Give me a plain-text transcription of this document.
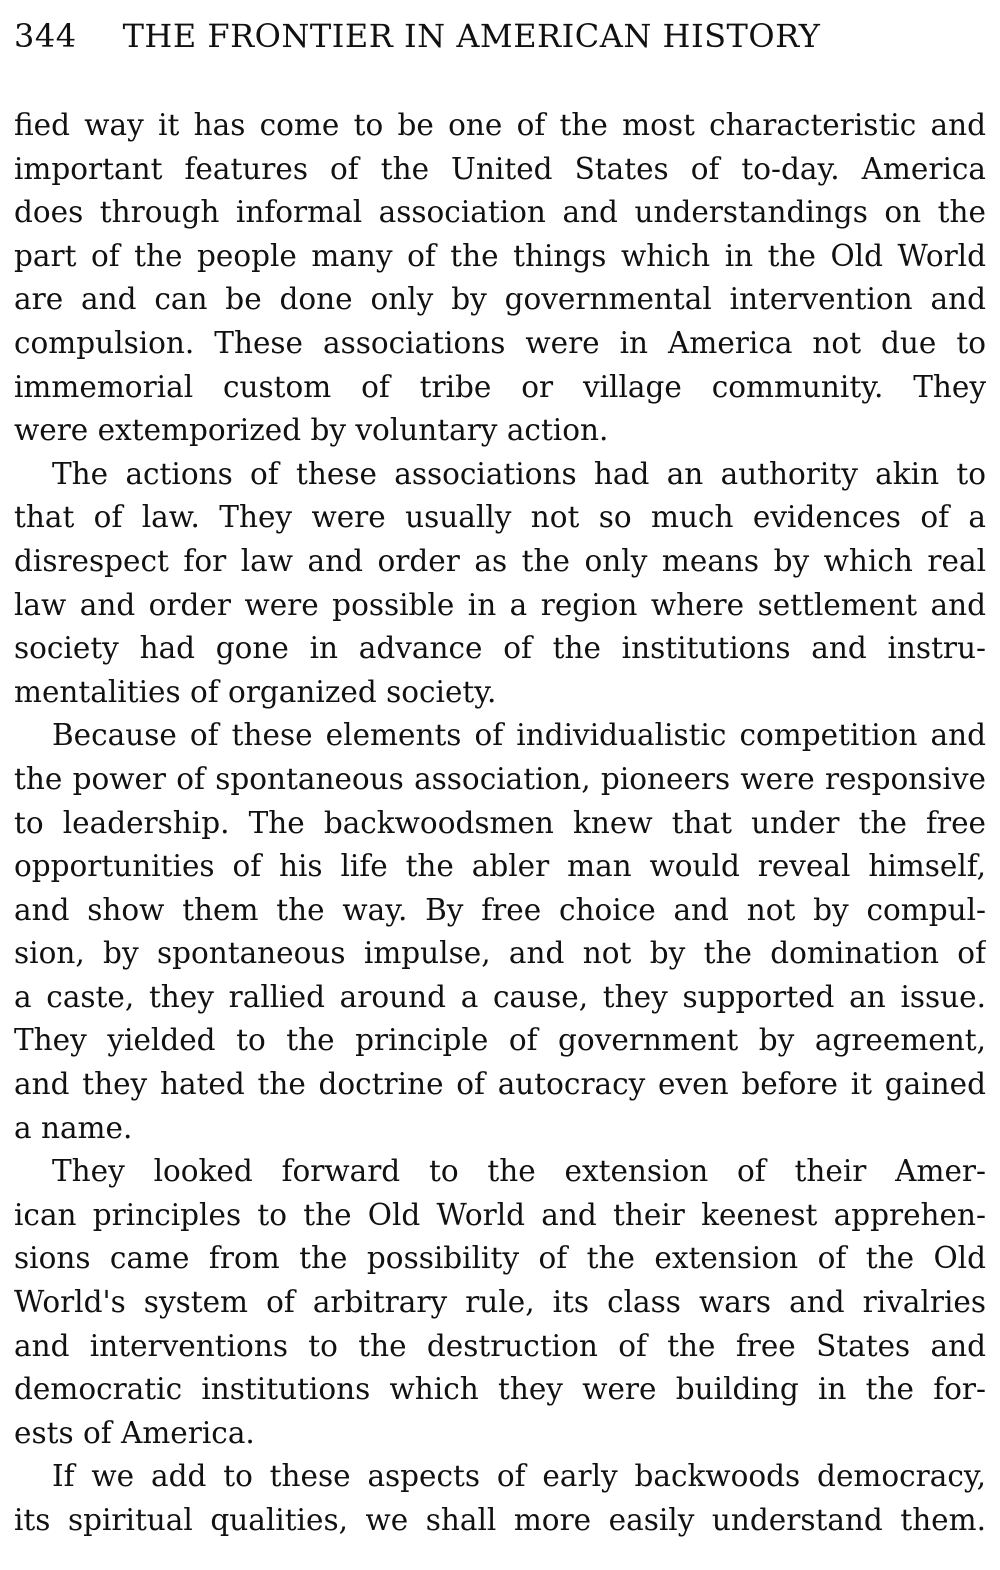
344 THE FRONTIER IN AMERICAN HISTORY
fied way it has come to be one of the most characteristic and
important features of the United States of to-day. America
does through informal association and understandings on the
part of the people many of the things which in the Old World
are and can be done only by governmental intervention and
compulsion. These associations were in America not due to
immemorial custom of tribe or village community. They
were extemporized by voluntary action.
The actions of these associations had an authority akin to
that of law. They were usually not so much evidences of a
disrespect for law and order as the only means by which real
law and order were possible in a region where settlement and
society had gone in advance of the institutions and instru-
mentalities of organized society.
Because of these elements of individualistic competition and
the power of spontaneous association, pioneers were responsive
to leadership. The backwoodsmen knew that under the free
opportunities of his life the abler man would reveal himself,
and show them the way. By free choice and not by compul-
sion, by spontaneous impulse, and not by the domination of
a caste, they rallied around a cause, they supported an issue.
They yielded to the principle of government by agreement,
and they hated the doctrine of autocracy even before it gained
a name.
They looked forward to the extension of their Amer-
ican principles to the Old World and their keenest apprehen-
sions came from the possibility of the extension of the Old
World's system of arbitrary rule, its class wars and rivalries
and interventions to the destruction of the free States and
democratic institutions which they were building in the for-
ests of America.
If we add to these aspects of early backwoods democracy,
its spiritual qualities, we shall more easily understand them.
